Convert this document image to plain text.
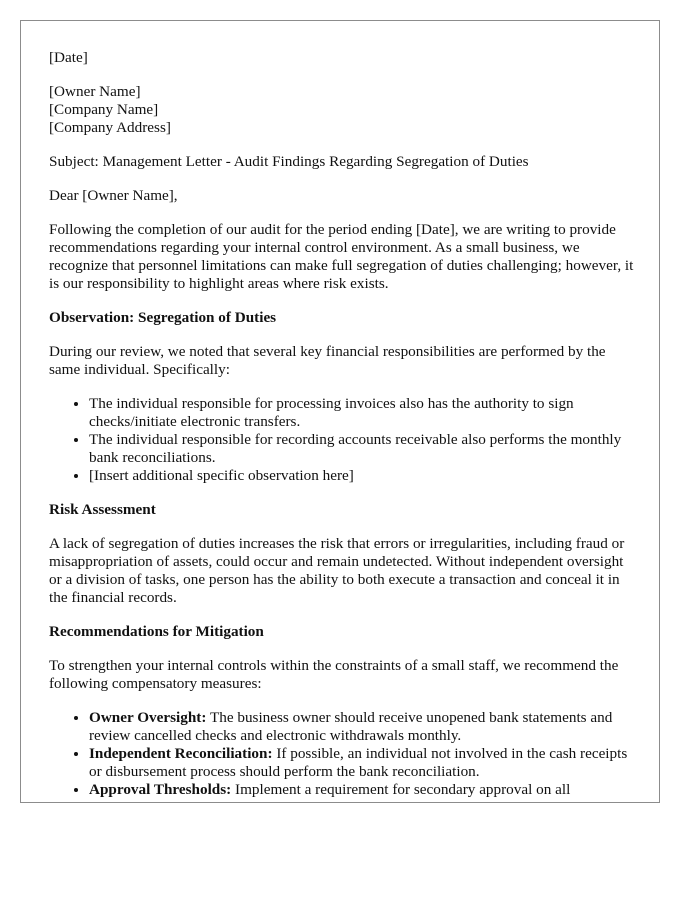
[Date]

[Owner Name]
[Company Name]
[Company Address]

Subject: Management Letter - Audit Findings Regarding Segregation of Duties

Dear [Owner Name],

Following the completion of our audit for the period ending [Date], we are writing to provide recommendations regarding your internal control environment. As a small business, we recognize that personnel limitations can make full segregation of duties challenging; however, it is our responsibility to highlight areas where risk exists.

Observation: Segregation of Duties

During our review, we noted that several key financial responsibilities are performed by the same individual. Specifically:

• The individual responsible for processing invoices also has the authority to sign checks/initiate electronic transfers.
• The individual responsible for recording accounts receivable also performs the monthly bank reconciliations.
• [Insert additional specific observation here]
Risk Assessment

A lack of segregation of duties increases the risk that errors or irregularities, including fraud or misappropriation of assets, could occur and remain undetected. Without independent oversight or a division of tasks, one person has the ability to both execute a transaction and conceal it in the financial records.

Recommendations for Mitigation

To strengthen your internal controls within the constraints of a small staff, we recommend the following compensatory measures:

• Owner Oversight: The business owner should receive unopened bank statements and review cancelled checks and electronic withdrawals monthly.
• Independent Reconciliation: If possible, an individual not involved in the cash receipts or disbursement process should perform the bank reconciliation.
• Approval Thresholds: Implement a requirement for secondary approval on all
